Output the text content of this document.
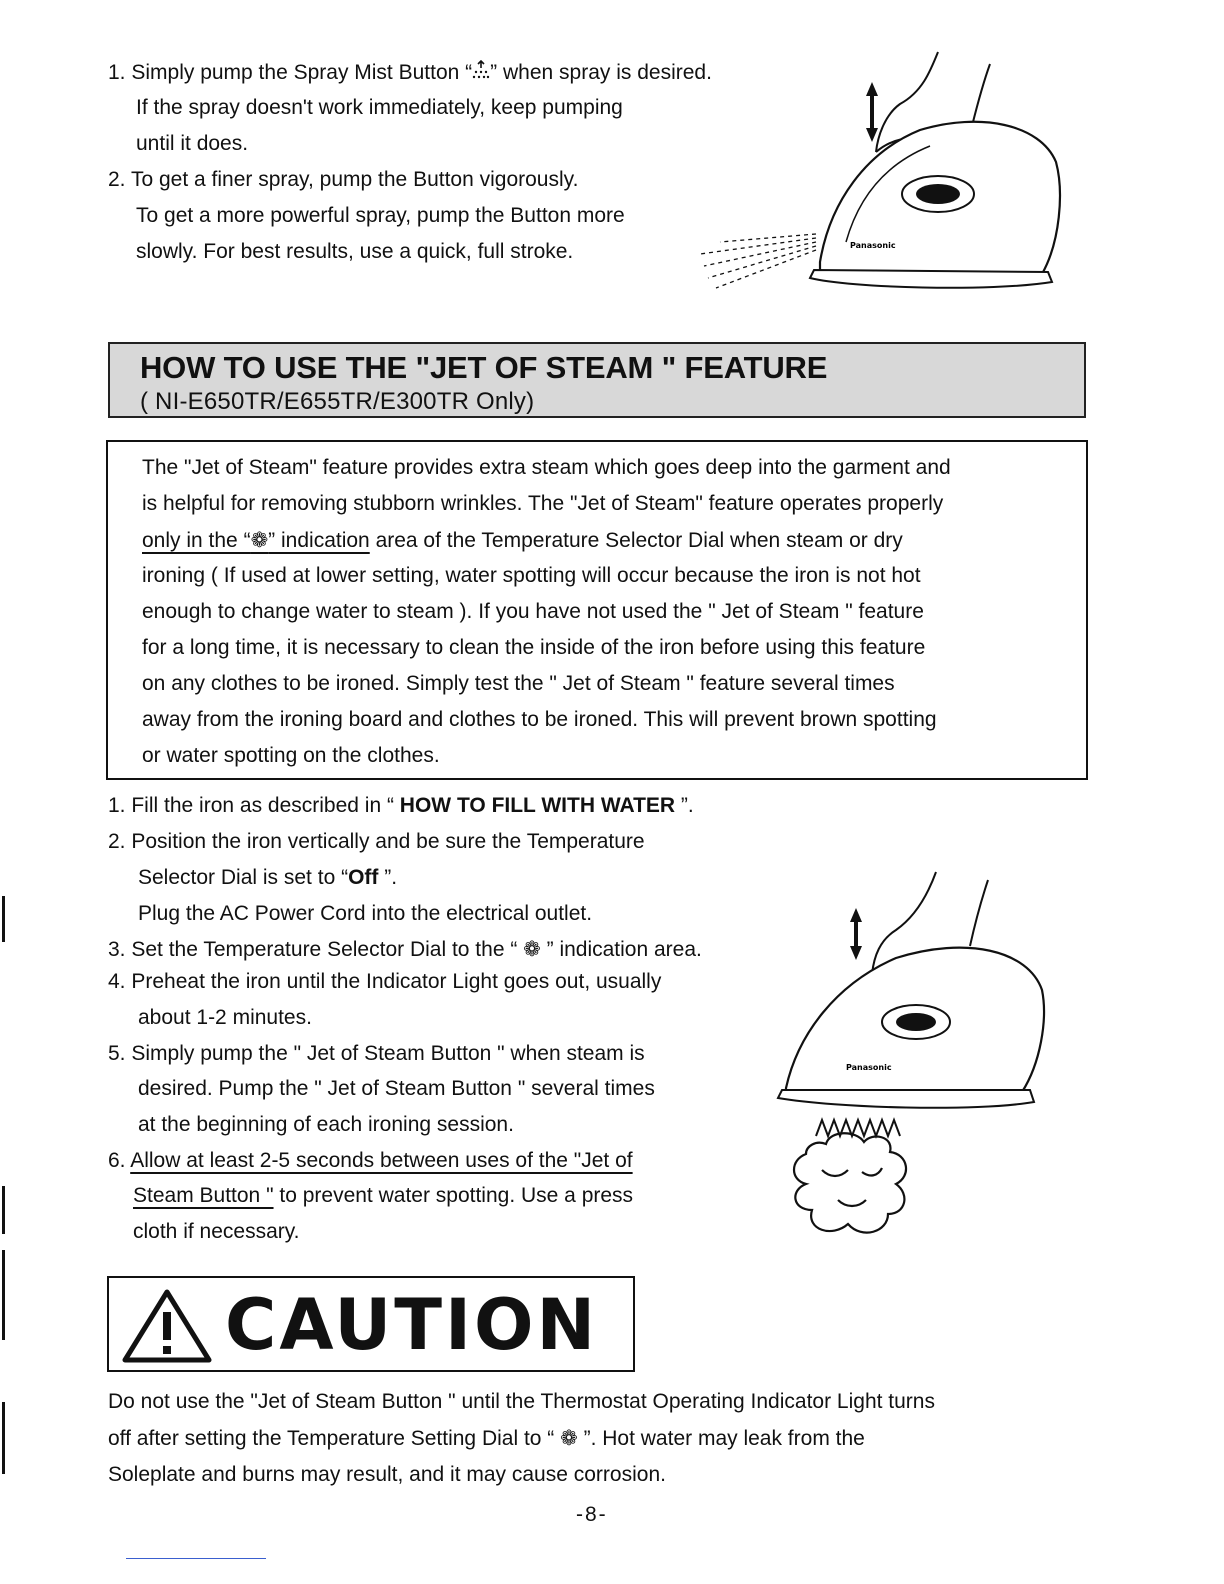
1. Simply pump the Spray Mist Button “ ” when spray is desired.
If the spray doesn't work immediately, keep pumping
until it does.
2. To get a finer spray, pump the Button vigorously.
To get a more powerful spray, pump the Button more
slowly. For best results, use a quick, full stroke.	Panasonic
HOW TO USE THE "JET OF STEAM " FEATURE
( NI-E650TR/E655TR/E300TR Only)
The "Jet of Steam" feature provides extra steam which goes deep into the garment and
is helpful for removing stubborn wrinkles. The "Jet of Steam" feature operates properly
only in the “❁” indication area of the Temperature Selector Dial when steam or dry
ironing ( If used at lower setting, water spotting will occur because the iron is not hot
enough to change water to steam ). If you have not used the " Jet of Steam " feature
for a long time, it is necessary to clean the inside of the iron before using this feature
on any clothes to be ironed. Simply test the " Jet of Steam " feature several times
away from the ironing board and clothes to be ironed. This will prevent brown spotting
or water spotting on the clothes.
1. Fill the iron as described in “ HOW TO FILL WITH WATER ”.
2. Position the iron vertically and be sure the Temperature
Selector Dial is set to “Off ”.
Plug the AC Power Cord into the electrical outlet.
3. Set the Temperature Selector Dial to the “ ❁ ” indication area.
4. Preheat the iron until the Indicator Light goes out, usually
about 1-2 minutes.
5. Simply pump the " Jet of Steam Button " when steam is
desired. Pump the " Jet of Steam Button " several times
at the beginning of each ironing session.
6. Allow at least 2-5 seconds between uses of the "Jet of
Steam Button " to prevent water spotting. Use a press
cloth if necessary.
Panasonic
CAUTION
Do not use the "Jet of Steam Button " until the Thermostat Operating Indicator Light turns
off after setting the Temperature Setting Dial to “ ❁ ”. Hot water may leak from the
Soleplate and burns may result, and it may cause corrosion.
-8-
